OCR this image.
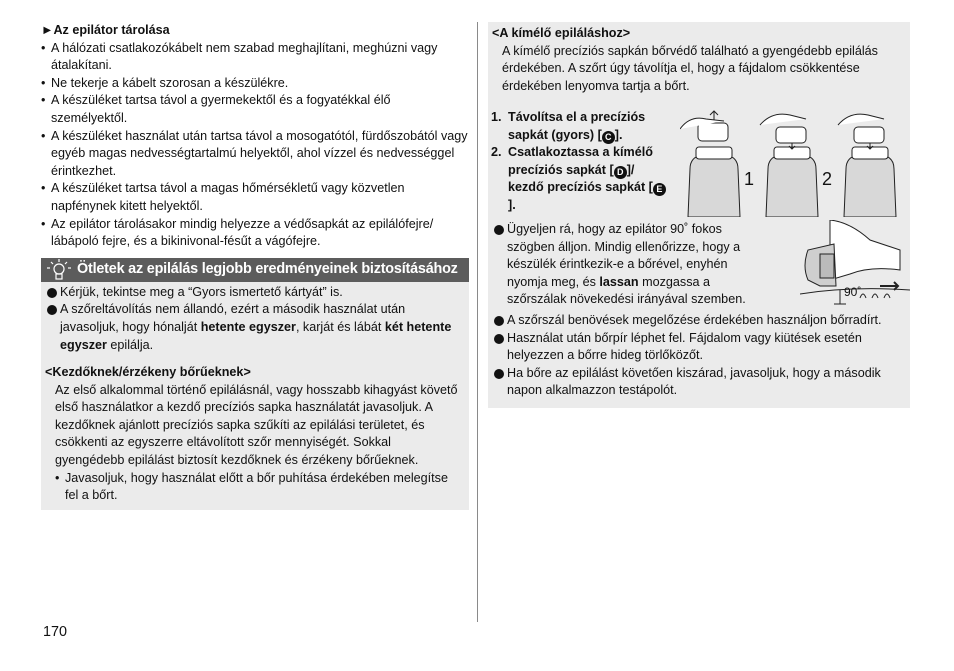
►Az epilátor tárolása
• A hálózati csatlakozókábelt nem szabad meghajlítani, meghúzni vagy átalakítani.
• Ne tekerje a kábelt szorosan a készülékre.
• A készüléket tartsa távol a gyermekektől és a fogyatékkal élő személyektől.
• A készüléket használat után tartsa távol a mosogatótól, fürdőszobától vagy egyéb magas nedvességtartalmú helyektől, ahol vízzel és nedvességgel érintkezhet.
• A készüléket tartsa távol a magas hőmérsékletű vagy közvetlen napfénynek kitett helyektől.
• Az epilátor tárolásakor mindig helyezze a védősapkát az epilálófejre/ lábápoló fejre, és a bikinivonal-fésűt a vágófejre.
Ötletek az epilálás legjobb eredményeinek biztosításához
Kérjük, tekintse meg a “Gyors ismertető kártyát” is.
A szőreltávolítás nem állandó, ezért a második használat után javasoljuk, hogy hónalját hetente egyszer, karját és lábát két hetente egyszer epilálja.
<Kezdőknek/érzékeny bőrűeknek>
Az első alkalommal történő epilálásnál, vagy hosszabb kihagyást követő első használatkor a kezdő precíziós sapka használatát javasoljuk. A kezdőknek ajánlott precíziós sapka szűkíti az epilálási területet, és csökkenti az egyszerre eltávolított szőr mennyiségét. Sokkal gyengédebb epilálást biztosít kezdőknek és érzékeny bőrűeknek.
• Javasoljuk, hogy használat előtt a bőr puhítása érdekében melegítse fel a bőrt.
<A kímélő epiláláshoz>
A kímélő precíziós sapkán bőrvédő található a gyengédebb epilálás érdekében. A szőrt úgy távolítja el, hogy a fájdalom csökkentése érdekében lenyomva tartja a bőrt.
1. Távolítsa el a precíziós sapkát (gyors) [ C ].
2. Csatlakoztassa a kímélő precíziós sapkát [ D ]/ kezdő precíziós sapkát [ E].
1	2
Ügyeljen rá, hogy az epilátor 90˚ fokos szögben álljon. Mindig ellenőrizze, hogy a készülék érintkezik-e a bőrével, enyhén nyomja meg, és lassan mozgassa a szőrszálak növekedési irányával szemben.
90˚
A szőrszál benövések megelőzése érdekében használjon bőrradírt.
Használat után bőrpír léphet fel. Fájdalom vagy kiütések esetén helyezzen a bőrre hideg törlőközőt.
Ha bőre az epilálást követően kiszárad, javasoljuk, hogy a második napon alkalmazzon testápolót.
170
